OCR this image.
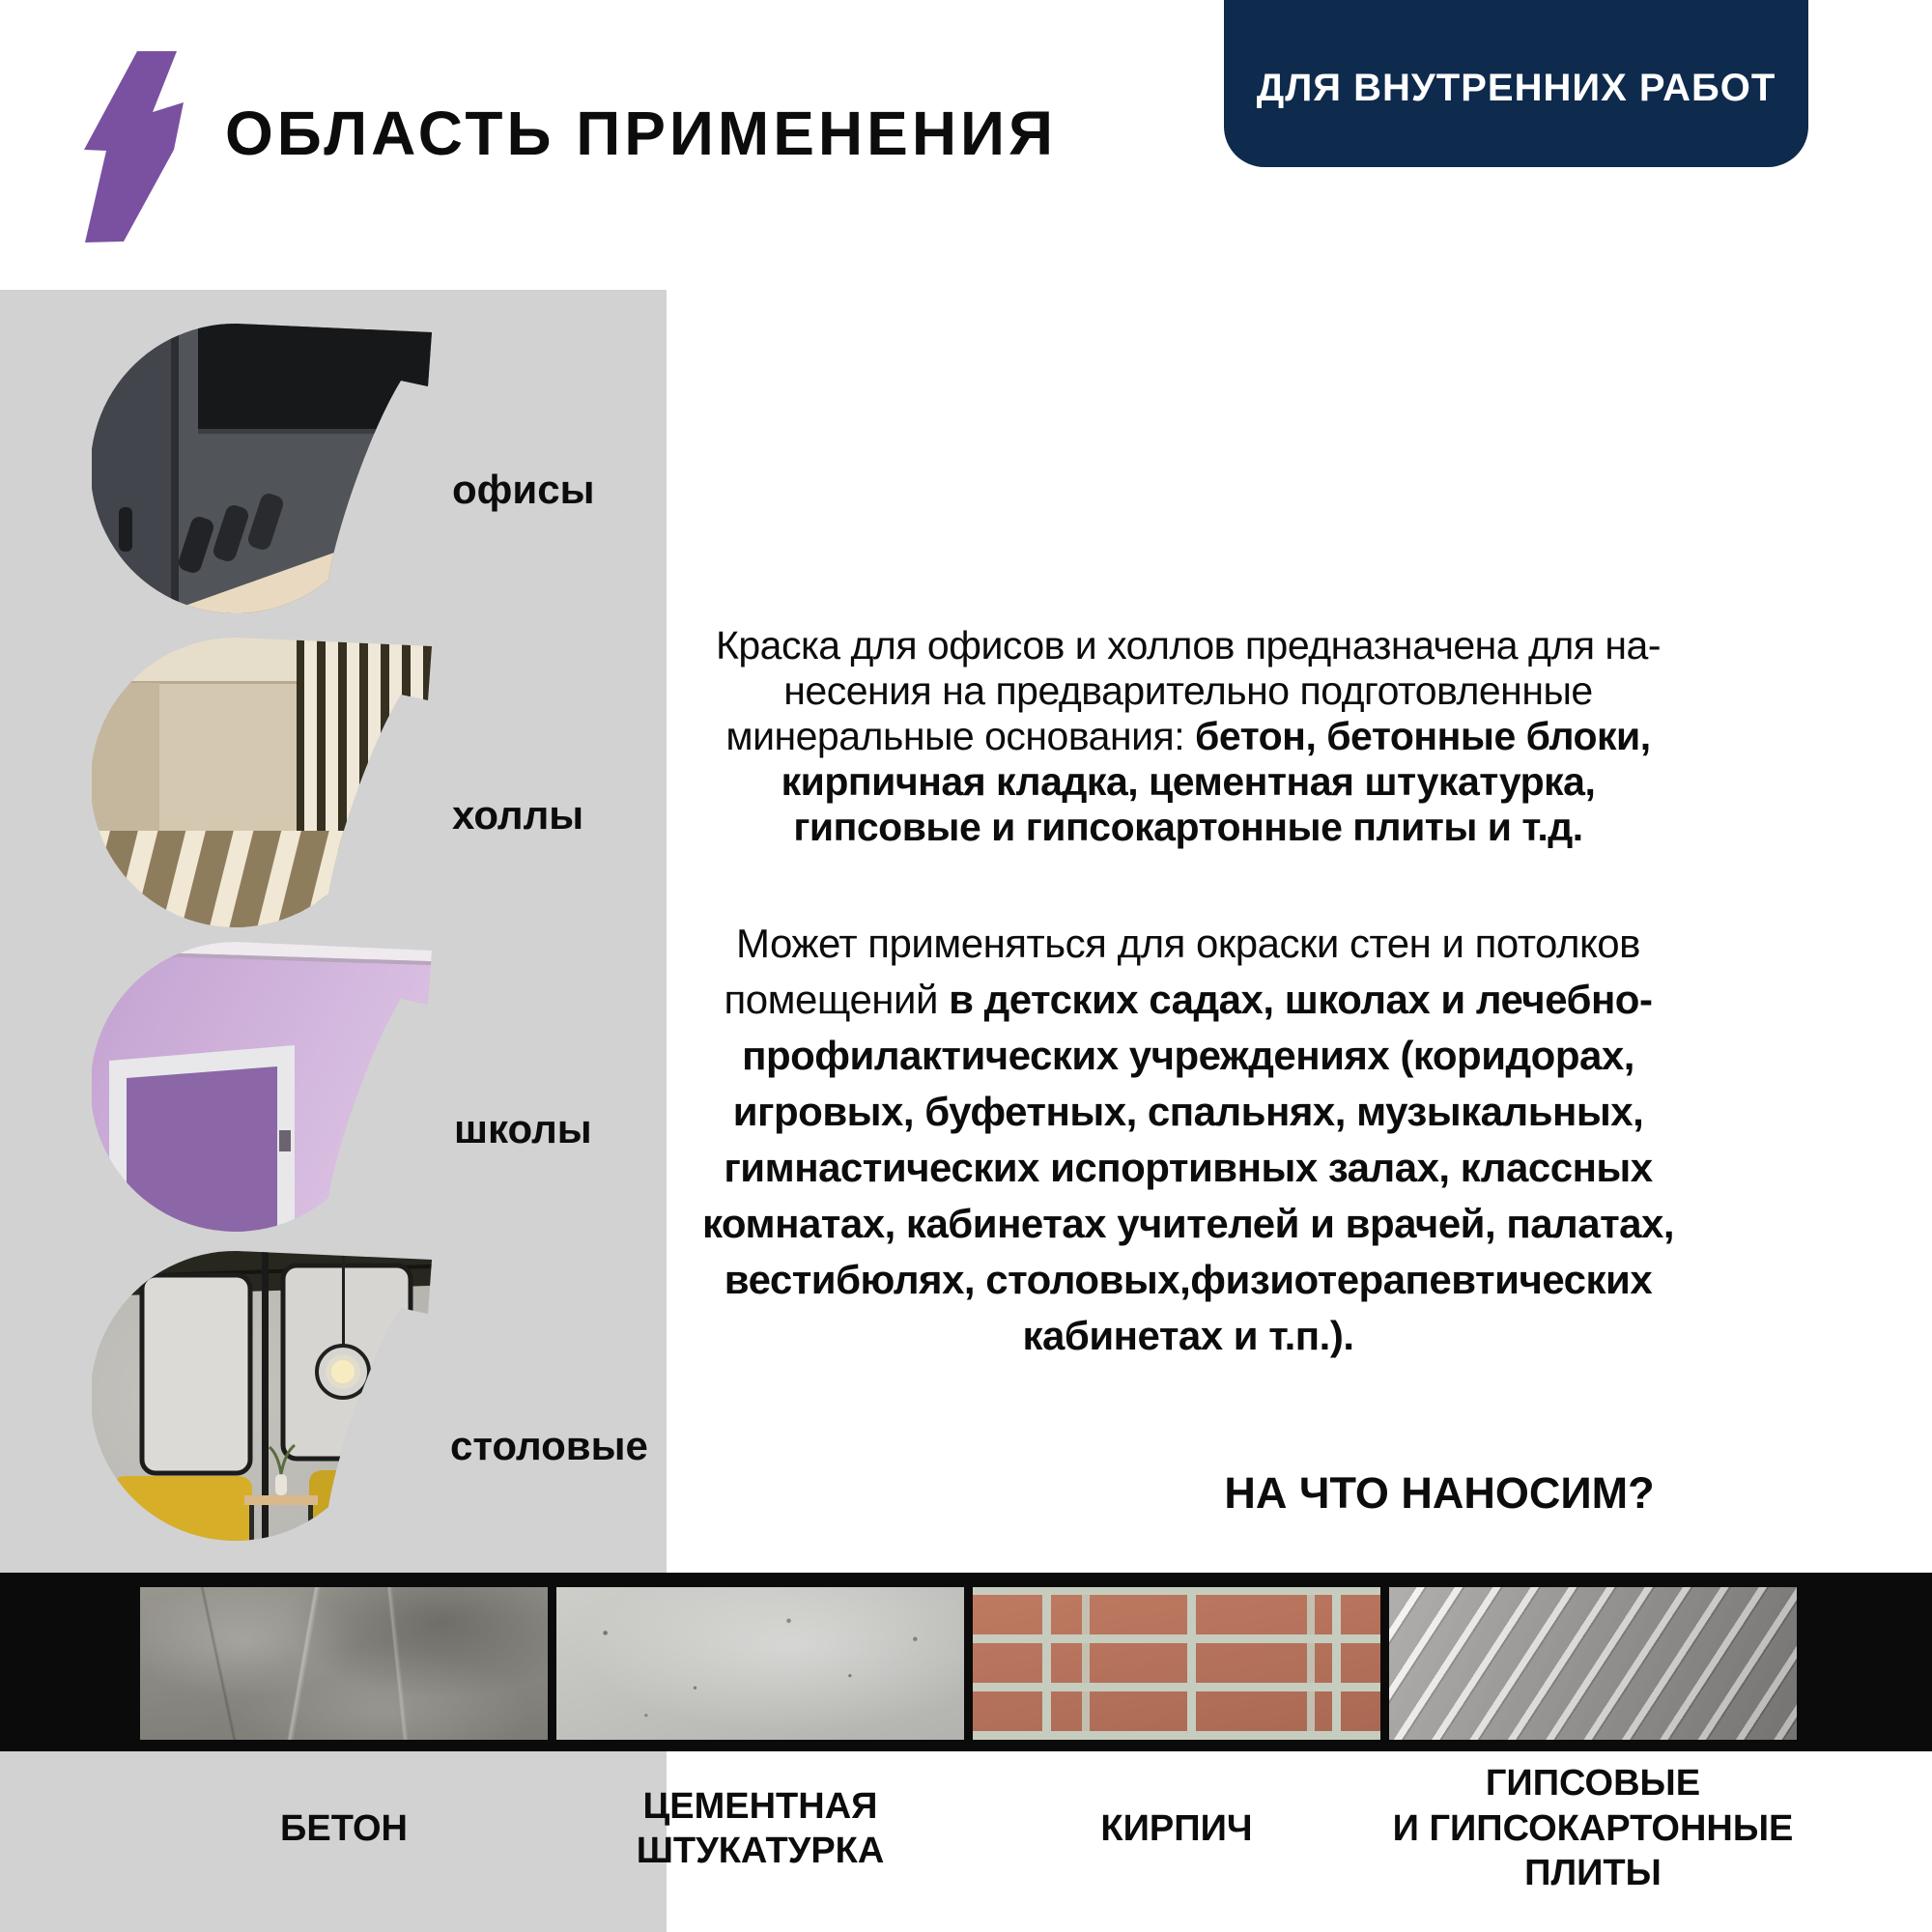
ОБЛАСТЬ ПРИМЕНЕНИЯ
ДЛЯ ВНУТРЕННИХ РАБОТ
офисы
холлы
школы
столовые
Краска для офисов и холлов предназначена для на-
несения на предварительно подготовленные
минеральные основания: бетон, бетонные блоки,
кирпичная кладка, цементная штукатурка,
гипсовые и гипсокартонные плиты и т.д.
Может применяться для окраски стен и потолков
помещений в детских садах, школах и лечебно-
профилактических учреждениях (коридорах,
игровых, буфетных, спальнях, музыкальных,
гимнастических испортивных залах, классных
комнатах, кабинетах учителей и врачей, палатах,
вестибюлях, столовых,физиотерапевтических
кабинетах и т.п.).
НА ЧТО НАНОСИМ?
БЕТОН
ЦЕМЕНТНАЯ
ШТУКАТУРКА
КИРПИЧ
ГИПСОВЫЕ
И ГИПСОКАРТОННЫЕ
ПЛИТЫ
